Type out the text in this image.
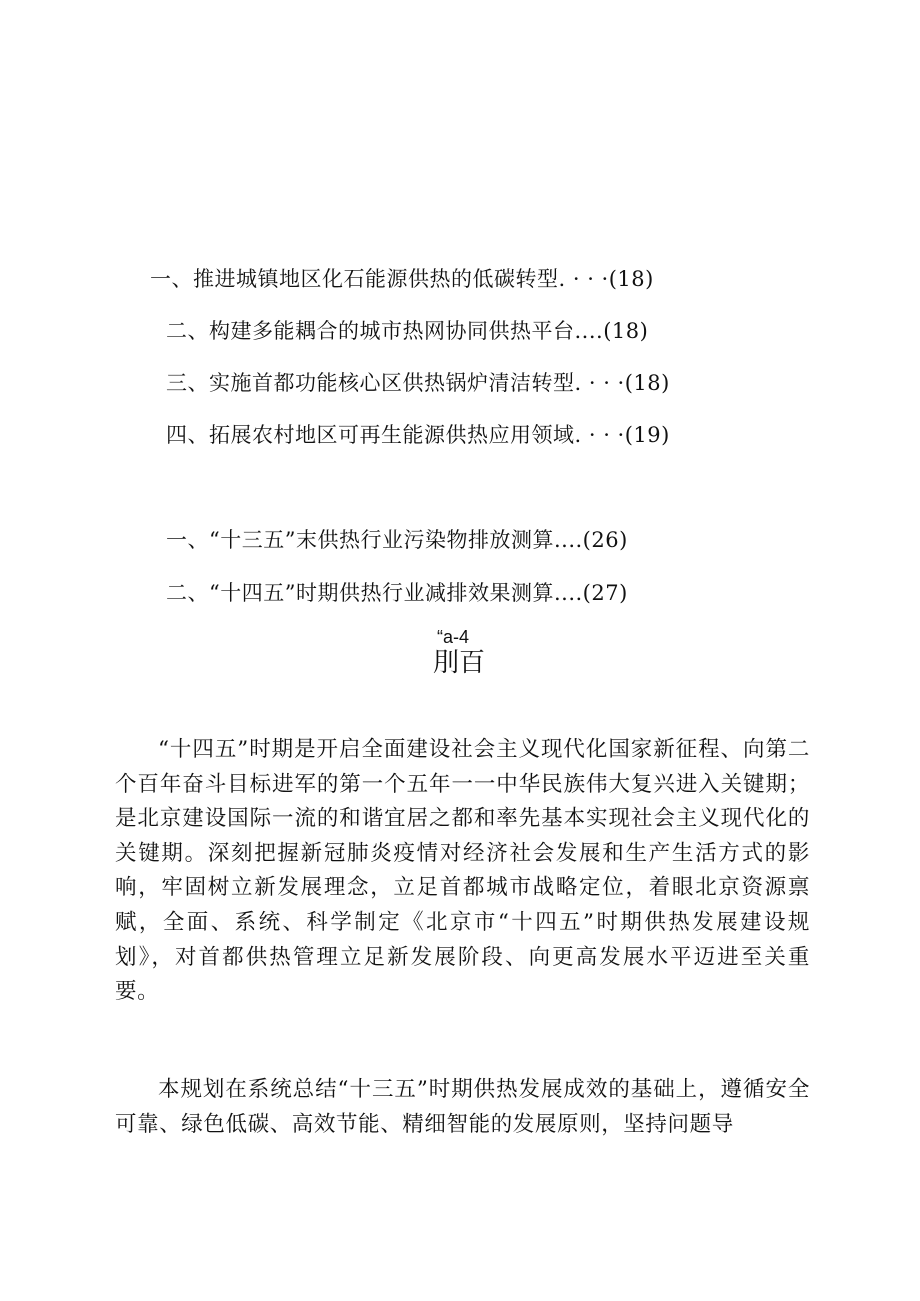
一、推进城镇地区化石能源供热的低碳转型. · · ·(18)
二、构建多能耦合的城市热网协同供热平台....(18)
三、实施首都功能核心区供热锅炉清洁转型. · · ·(18)
四、拓展农村地区可再生能源供热应用领域. · · ·(19)
一、“十三五”末供热行业污染物排放测算....(26)
二、“十四五”时期供热行业减排效果测算....(27)
“a-4
刖百

“十四五”时期是开启全面建设社会主义现代化国家新征程、向第二个百年奋斗目标进军的第一个五年一一中华民族伟大复兴进入关键期；是北京建设国际一流的和谐宜居之都和率先基本实现社会主义现代化的关键期。深刻把握新冠肺炎疫情对经济社会发展和生产生活方式的影响，牢固树立新发展理念，立足首都城市战略定位，着眼北京资源禀赋，全面、系统、科学制定《北京市“十四五”时期供热发展建设规划》，对首都供热管理立足新发展阶段、向更高发展水平迈进至关重要。

本规划在系统总结“十三五”时期供热发展成效的基础上，遵循安全可靠、绿色低碳、高效节能、精细智能的发展原则，坚持问题导
